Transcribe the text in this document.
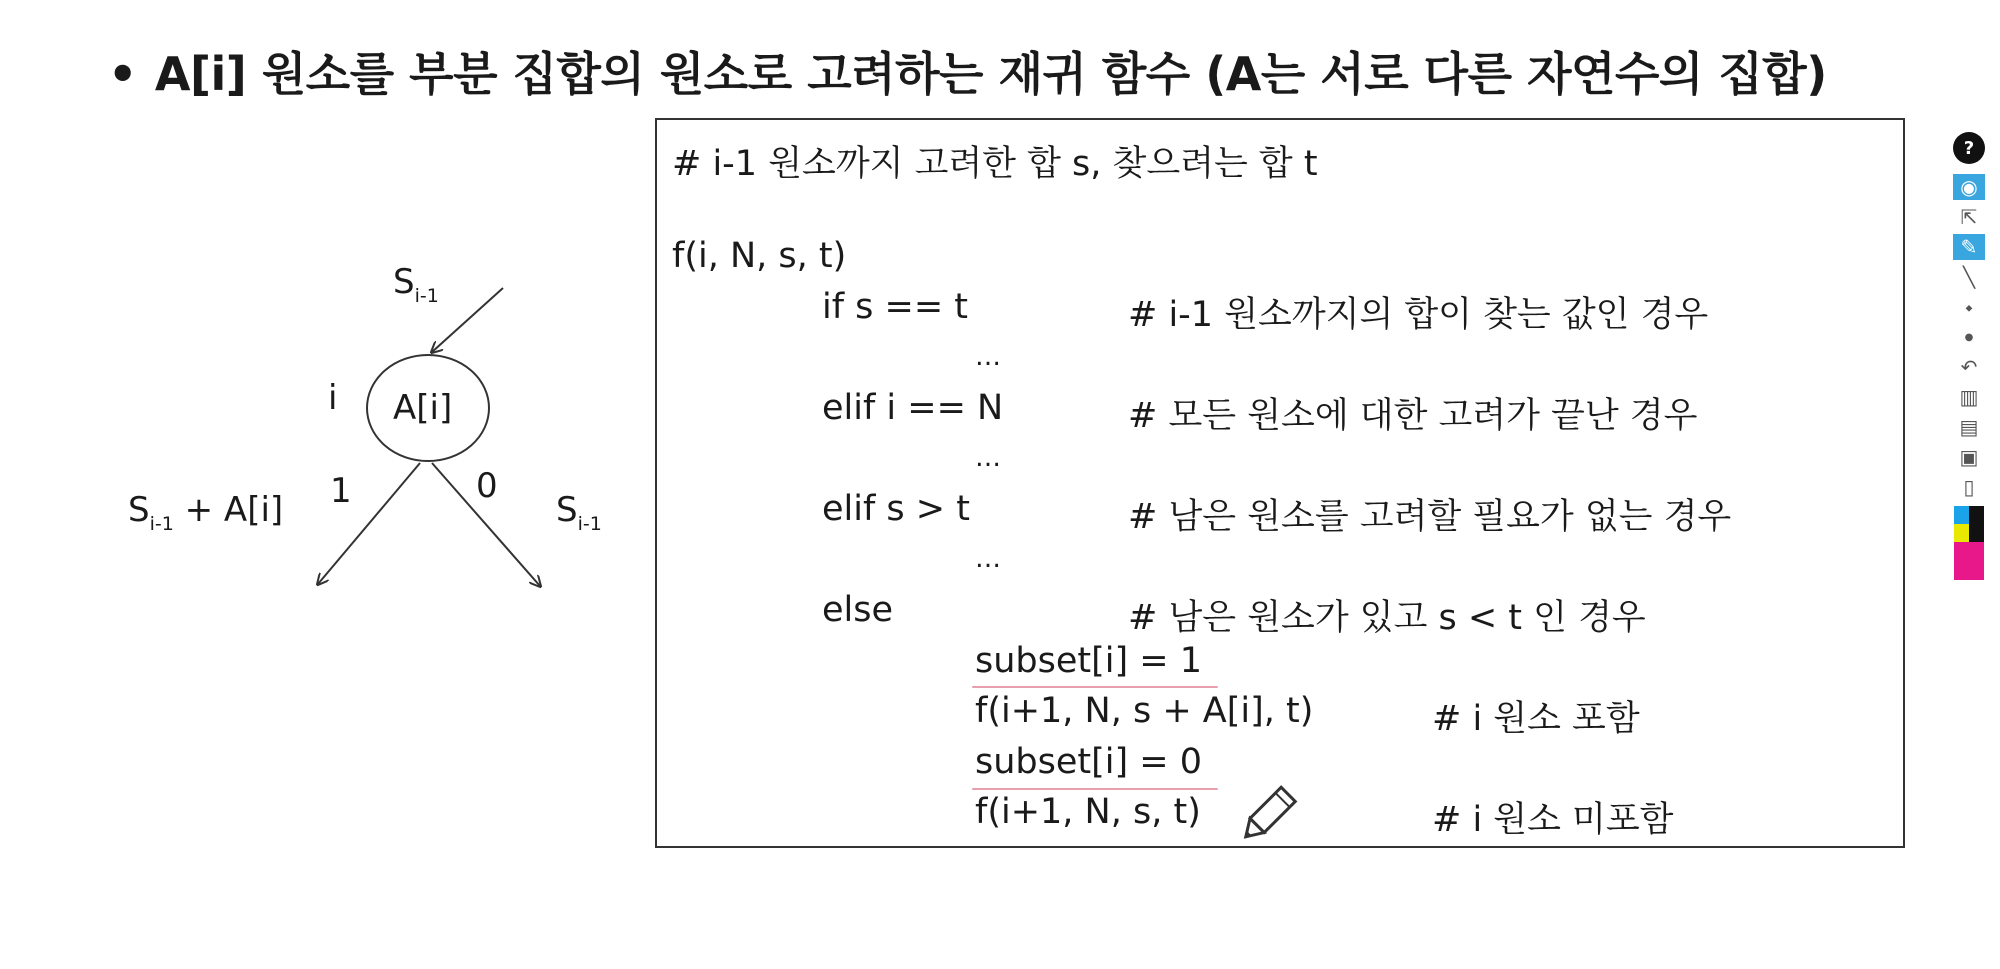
• A[i] 원소를 부분 집합의 원소로 고려하는 재귀 함수 (A는 서로 다른 자연수의 집합)
$S_{i-1}$
i A[i]
1	0
$S_{i-1} + A[i]$	$S_{i-1}$
# i-1 원소까지 고려한 합 s, 찾으려는 합 t
f(i, N, s, t)
if s == t	# i-1 원소까지의 합이 찾는 값인 경우
…
elif i == N	# 모든 원소에 대한 고려가 끝난 경우
…
elif s > t	# 남은 원소를 고려할 필요가 없는 경우
…
else	# 남은 원소가 있고 s < t 인 경우
subset[i] = 1
f(i+1, N, s + A[i], t)	# i 원소 포함
subset[i] = 0
f(i+1, N, s, t)	# i 원소 미포함
?
◉
⇱
✎
╲
⬩
●
↶
▥
▤
▣
▯
